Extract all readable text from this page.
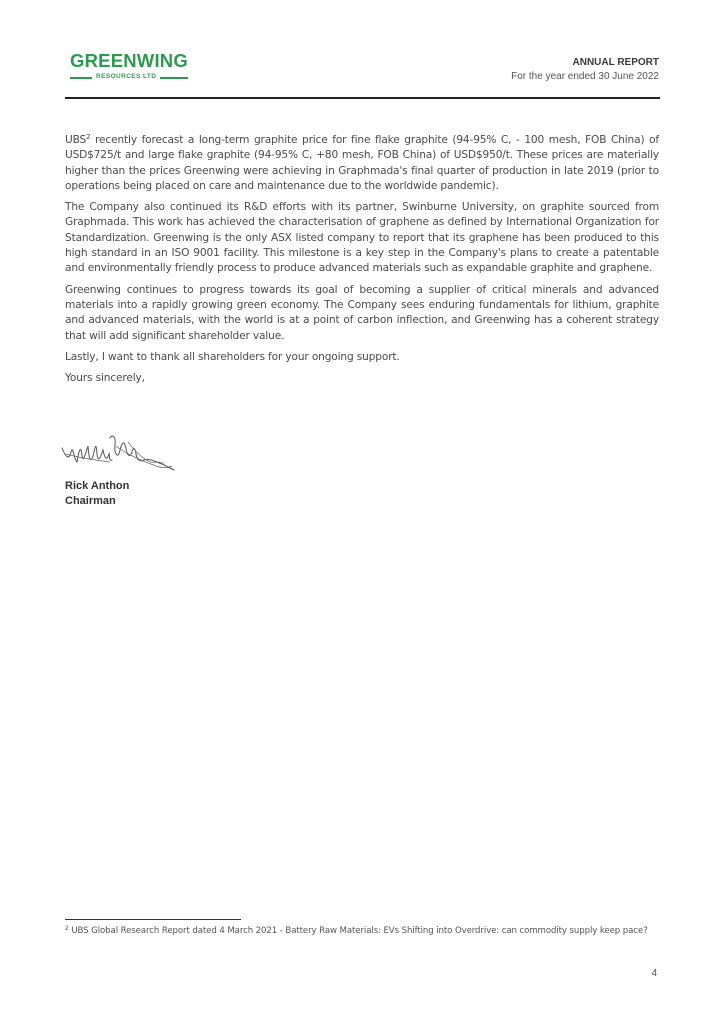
GREENWING
RESOURCES LTD
ANNUAL REPORT
For the year ended 30 June 2022

UBS$^2$ recently forecast a long-term graphite price for fine flake graphite (94-95% C, - 100 mesh, FOB China) of USD$725/t and large flake graphite (94-95% C, +80 mesh, FOB China) of USD$950/t. These prices are materially higher than the prices Greenwing were achieving in Graphmada's final quarter of production in late 2019 (prior to operations being placed on care and maintenance due to the worldwide pandemic).

The Company also continued its R&D efforts with its partner, Swinburne University, on graphite sourced from Graphmada. This work has achieved the characterisation of graphene as defined by International Organization for Standardization. Greenwing is the only ASX listed company to report that its graphene has been produced to this high standard in an ISO 9001 facility. This milestone is a key step in the Company's plans to create a patentable and environmentally friendly process to produce advanced materials such as expandable graphite and graphene.

Greenwing continues to progress towards its goal of becoming a supplier of critical minerals and advanced materials into a rapidly growing green economy. The Company sees enduring fundamentals for lithium, graphite and advanced materials, with the world is at a point of carbon inflection, and Greenwing has a coherent strategy that will add significant shareholder value.

Lastly, I want to thank all shareholders for your ongoing support.

Yours sincerely,

Rick Anthon
Chairman
$^2$ UBS Global Research Report dated 4 March 2021 - Battery Raw Materials: EVs Shifting into Overdrive: can commodity supply keep pace?
4
